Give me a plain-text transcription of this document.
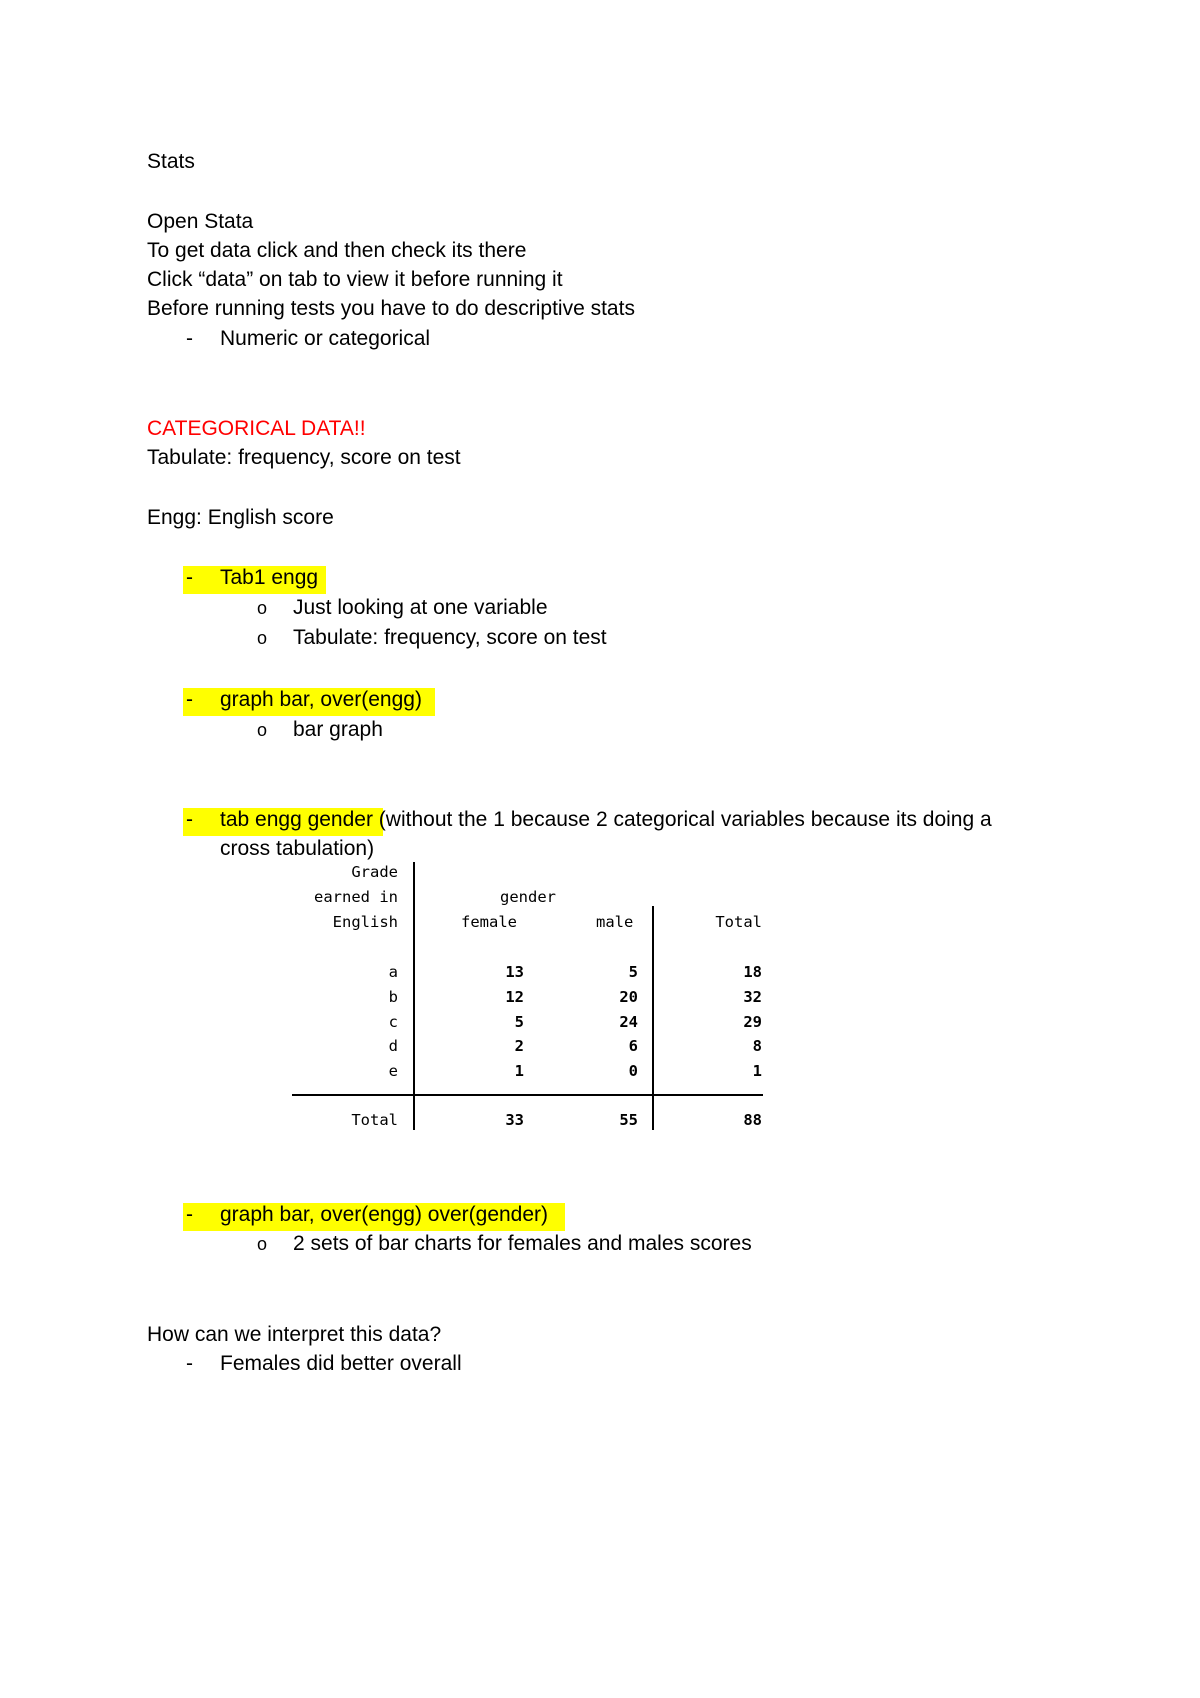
Stats
Open Stata
To get data click and then check its there
Click “data” on tab to view it before running it
Before running tests you have to do descriptive stats
- Numeric or categorical
CATEGORICAL DATA!!
Tabulate: frequency, score on test
Engg: English score
- Tab1 engg
o Just looking at one variable
o Tabulate: frequency, score on test
- graph bar, over(engg)
o bar graph
- tab engg gender (without the 1 because 2 categorical variables because its doing a
cross tabulation)
Grade
earned in
English
gender
female	male	Total
a	13	5	18
b	12	20	32
c	5	24	29
d	2	6	8
e	1	0	1
Total	33	55	88
- graph bar, over(engg) over(gender)
o 2 sets of bar charts for females and males scores
How can we interpret this data?
- Females did better overall
